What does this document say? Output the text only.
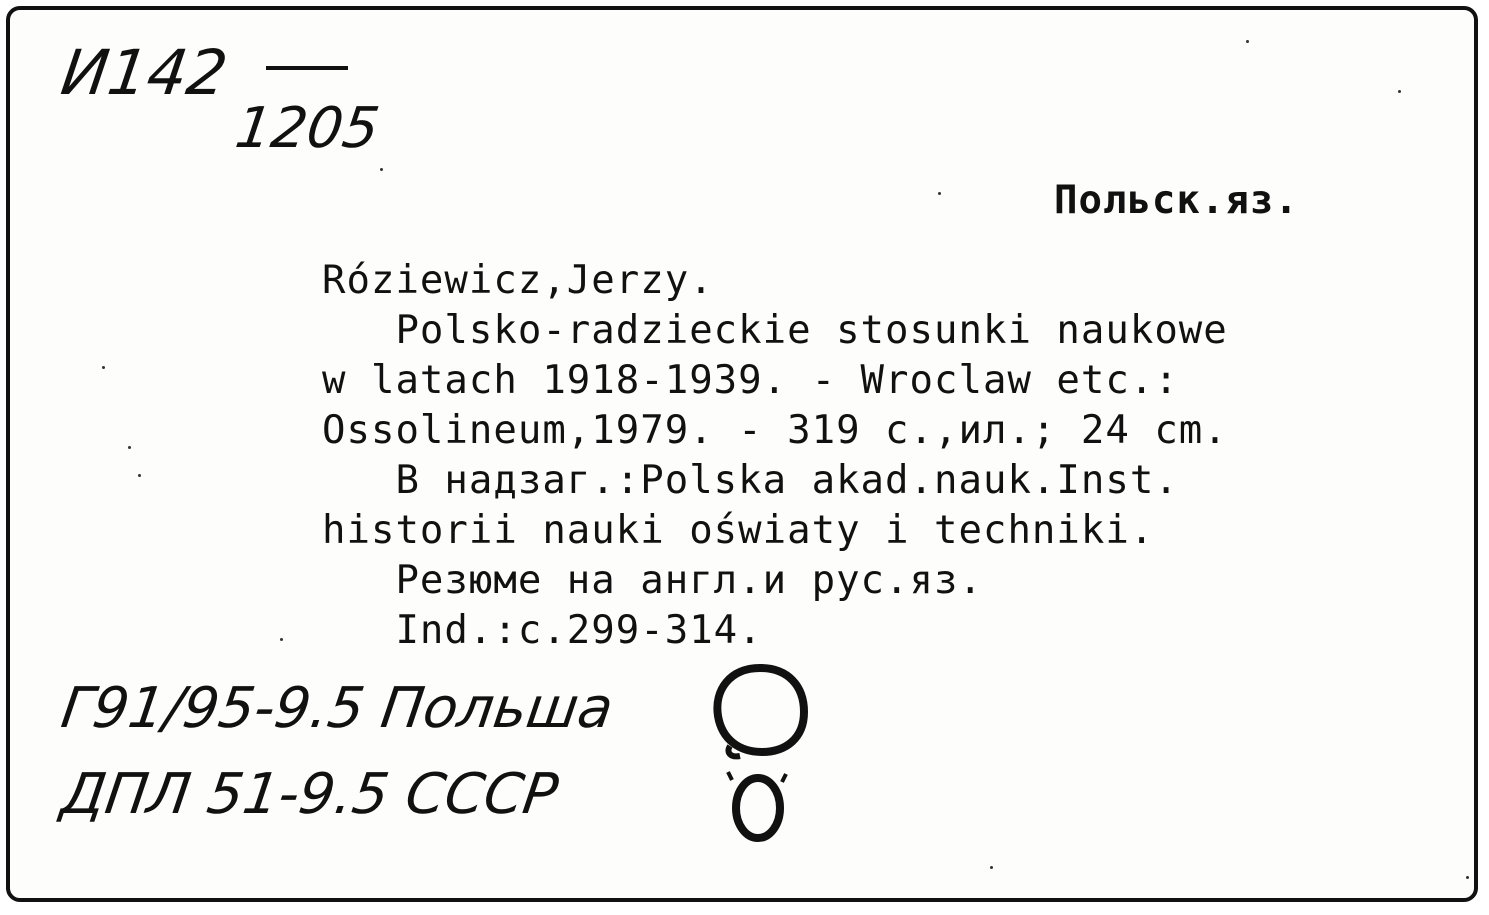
И142
1205
Польск.яз.
Róziewicz,Jerzy.
Polsko-radzieckie stosunki naukowe
w latach 1918-1939. - Wroclaw etc.:
Ossolineum,1979. - 319 c.,ил.; 24 cm.
B надзаг.:Polska akad.nauk.Inst.
historii nauki oświaty i techniki.
Резюме на англ.и рус.яз.
Ind.:c.299-314.
Г91/95-9.5 Польша
ДПЛ 51-9.5 СССР
